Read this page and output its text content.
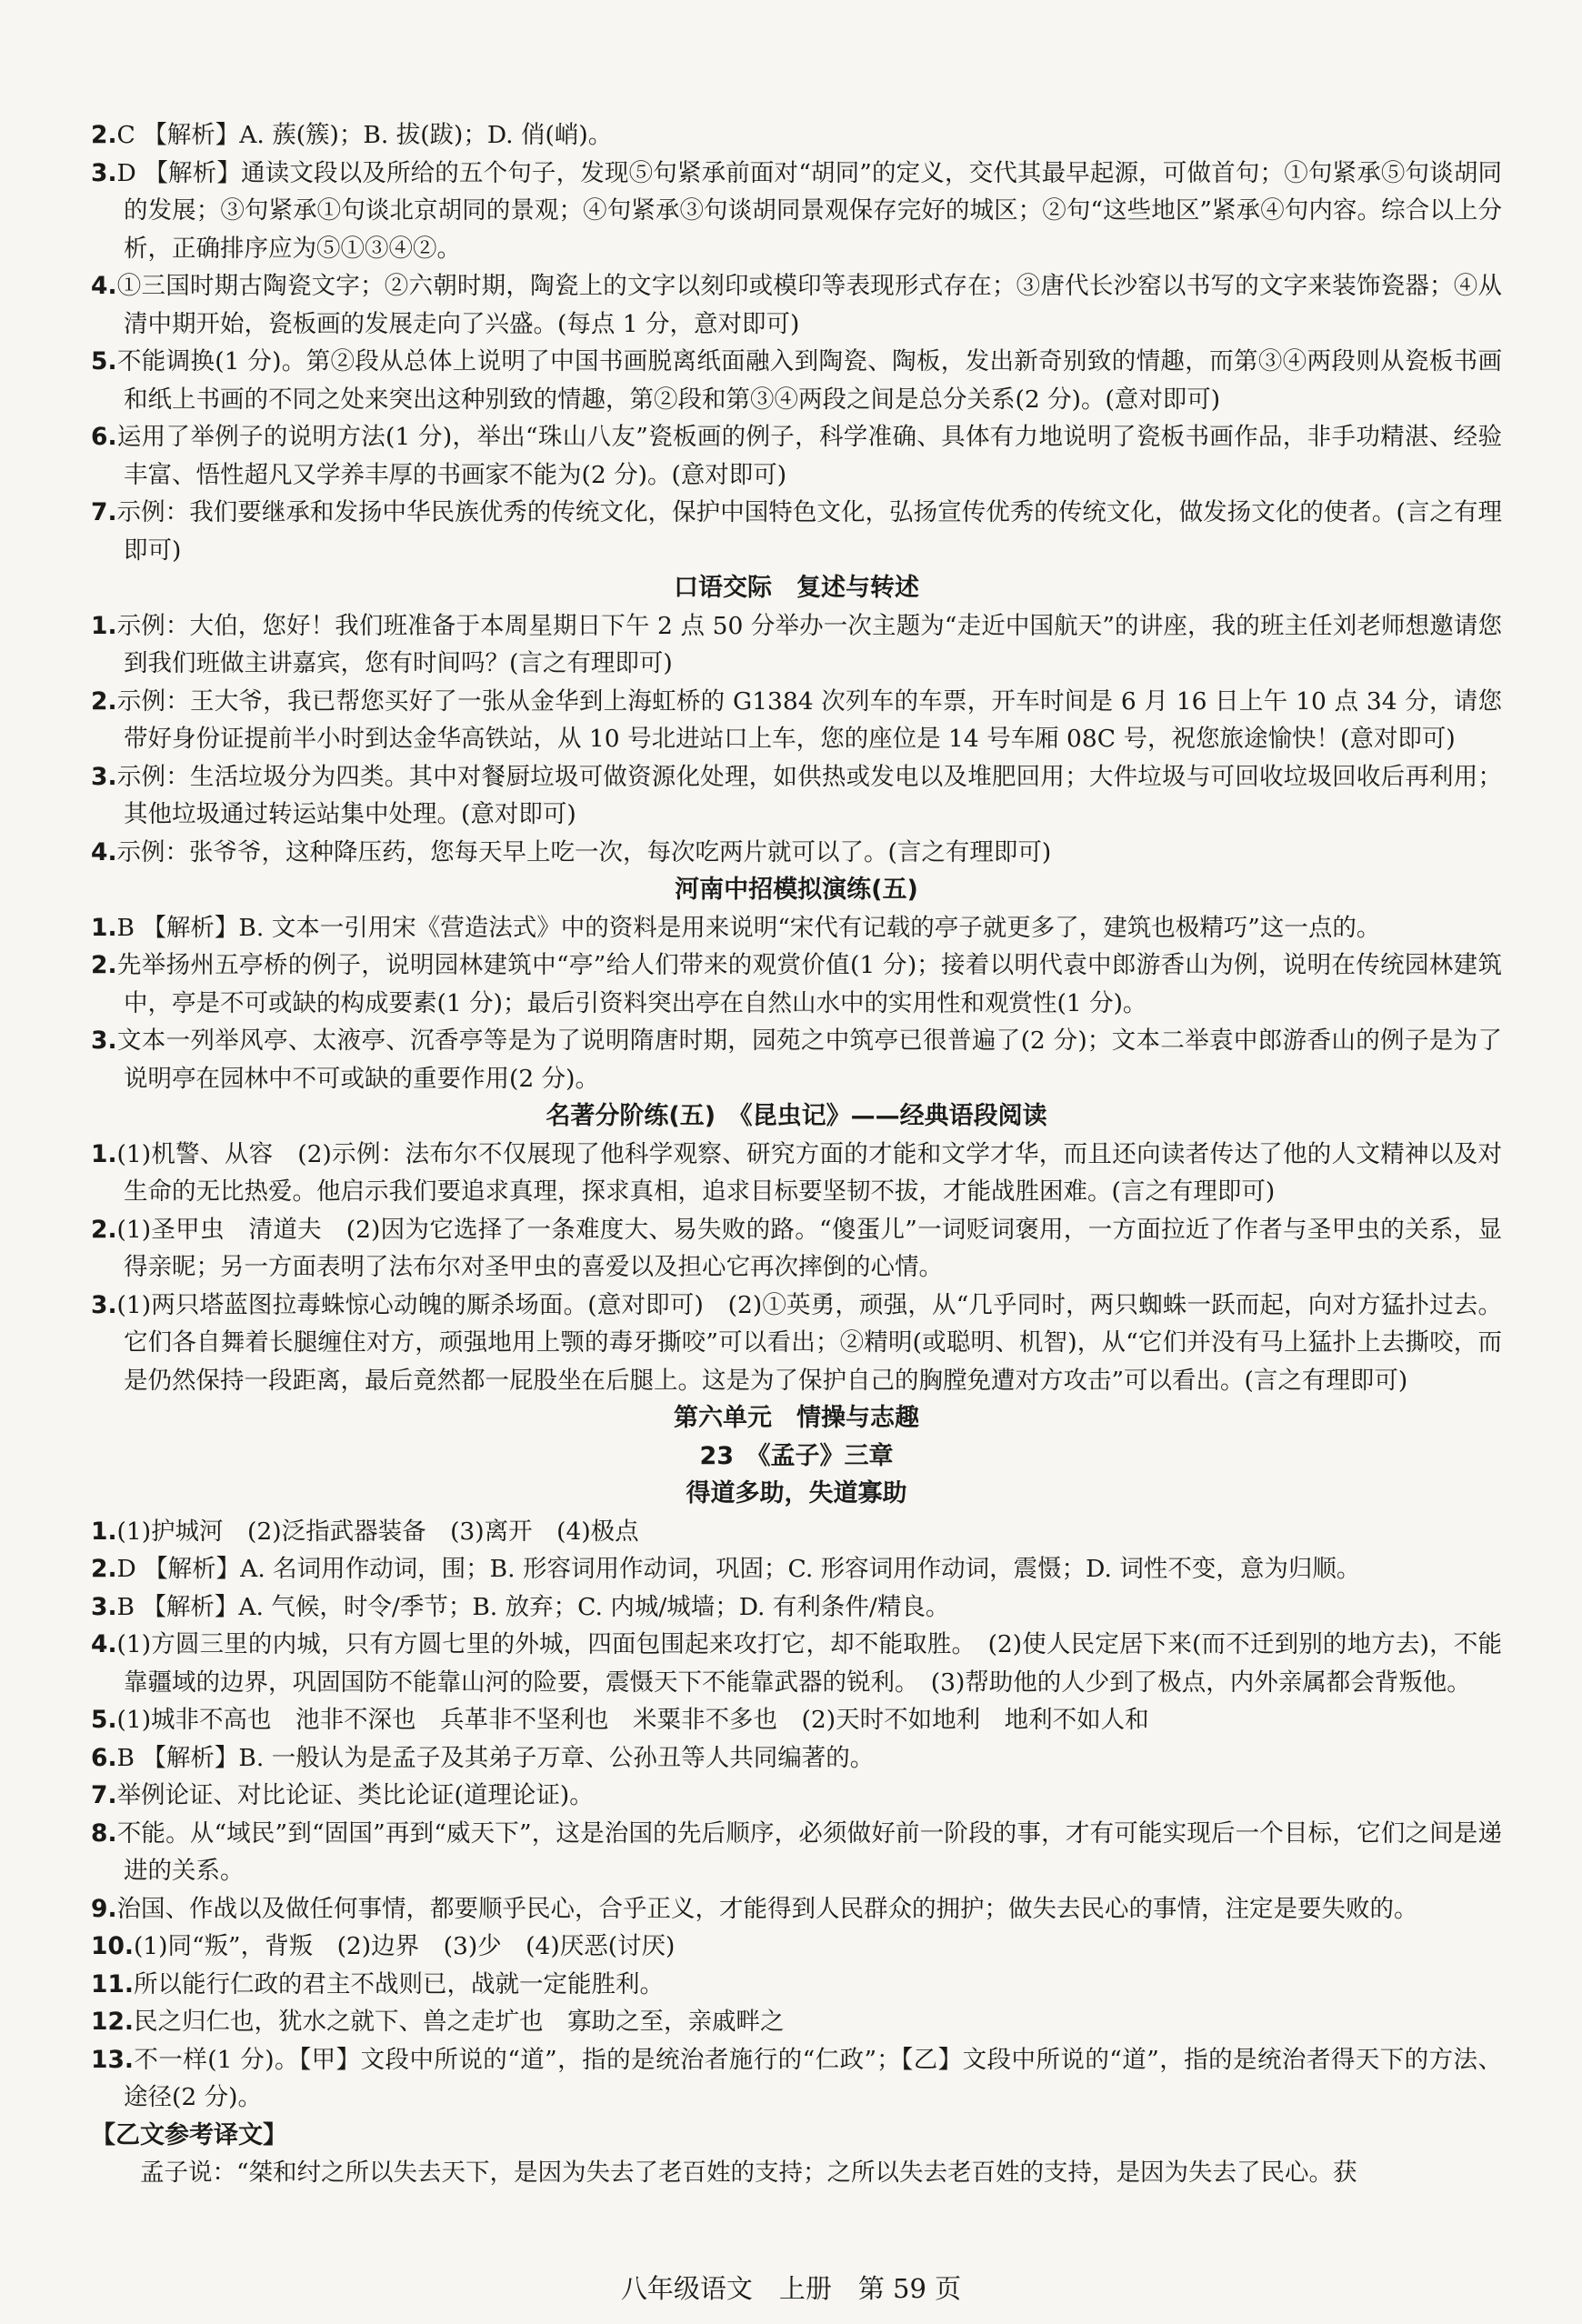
2.C 【解析】A. 蔟(簇)；B. 拔(跋)；D. 俏(峭)。
3.D 【解析】通读文段以及所给的五个句子，发现⑤句紧承前面对“胡同”的定义，交代其最早起源，可做首句；①句紧承⑤句谈胡同的发展；③句紧承①句谈北京胡同的景观；④句紧承③句谈胡同景观保存完好的城区；②句“这些地区”紧承④句内容。综合以上分析，正确排序应为⑤①③④②。
4.①三国时期古陶瓷文字；②六朝时期，陶瓷上的文字以刻印或模印等表现形式存在；③唐代长沙窑以书写的文字来装饰瓷器；④从清中期开始，瓷板画的发展走向了兴盛。(每点 1 分，意对即可)
5.不能调换(1 分)。第②段从总体上说明了中国书画脱离纸面融入到陶瓷、陶板，发出新奇别致的情趣，而第③④两段则从瓷板书画和纸上书画的不同之处来突出这种别致的情趣，第②段和第③④两段之间是总分关系(2 分)。(意对即可)
6.运用了举例子的说明方法(1 分)，举出“珠山八友”瓷板画的例子，科学准确、具体有力地说明了瓷板书画作品，非手功精湛、经验丰富、悟性超凡又学养丰厚的书画家不能为(2 分)。(意对即可)
7.示例：我们要继承和发扬中华民族优秀的传统文化，保护中国特色文化，弘扬宣传优秀的传统文化，做发扬文化的使者。(言之有理即可)
口语交际　复述与转述
1.示例：大伯，您好！我们班准备于本周星期日下午 2 点 50 分举办一次主题为“走近中国航天”的讲座，我的班主任刘老师想邀请您到我们班做主讲嘉宾，您有时间吗？(言之有理即可)
2.示例：王大爷，我已帮您买好了一张从金华到上海虹桥的 G1384 次列车的车票，开车时间是 6 月 16 日上午 10 点 34 分，请您带好身份证提前半小时到达金华高铁站，从 10 号北进站口上车，您的座位是 14 号车厢 08C 号，祝您旅途愉快！(意对即可)
3.示例：生活垃圾分为四类。其中对餐厨垃圾可做资源化处理，如供热或发电以及堆肥回用；大件垃圾与可回收垃圾回收后再利用；其他垃圾通过转运站集中处理。(意对即可)
4.示例：张爷爷，这种降压药，您每天早上吃一次，每次吃两片就可以了。(言之有理即可)
河南中招模拟演练(五)
1.B 【解析】B. 文本一引用宋《营造法式》中的资料是用来说明“宋代有记载的亭子就更多了，建筑也极精巧”这一点的。
2.先举扬州五亭桥的例子，说明园林建筑中“亭”给人们带来的观赏价值(1 分)；接着以明代袁中郎游香山为例，说明在传统园林建筑中，亭是不可或缺的构成要素(1 分)；最后引资料突出亭在自然山水中的实用性和观赏性(1 分)。
3.文本一列举风亭、太液亭、沉香亭等是为了说明隋唐时期，园苑之中筑亭已很普遍了(2 分)；文本二举袁中郎游香山的例子是为了说明亭在园林中不可或缺的重要作用(2 分)。
名著分阶练(五)　《昆虫记》——经典语段阅读
1.(1)机警、从容　(2)示例：法布尔不仅展现了他科学观察、研究方面的才能和文学才华，而且还向读者传达了他的人文精神以及对生命的无比热爱。他启示我们要追求真理，探求真相，追求目标要坚韧不拔，才能战胜困难。(言之有理即可)
2.(1)圣甲虫　清道夫　(2)因为它选择了一条难度大、易失败的路。“傻蛋儿”一词贬词褒用，一方面拉近了作者与圣甲虫的关系，显得亲昵；另一方面表明了法布尔对圣甲虫的喜爱以及担心它再次摔倒的心情。
3.(1)两只塔蓝图拉毒蛛惊心动魄的厮杀场面。(意对即可)　(2)①英勇，顽强，从“几乎同时，两只蜘蛛一跃而起，向对方猛扑过去。它们各自舞着长腿缠住对方，顽强地用上颚的毒牙撕咬”可以看出；②精明(或聪明、机智)，从“它们并没有马上猛扑上去撕咬，而是仍然保持一段距离，最后竟然都一屁股坐在后腿上。这是为了保护自己的胸膛免遭对方攻击”可以看出。(言之有理即可)
第六单元　情操与志趣
23　《孟子》三章
得道多助，失道寡助
1.(1)护城河　(2)泛指武器装备　(3)离开　(4)极点
2.D 【解析】A. 名词用作动词，围；B. 形容词用作动词，巩固；C. 形容词用作动词，震慑；D. 词性不变，意为归顺。
3.B 【解析】A. 气候，时令/季节；B. 放弃；C. 内城/城墙；D. 有利条件/精良。
4.(1)方圆三里的内城，只有方圆七里的外城，四面包围起来攻打它，却不能取胜。　(2)使人民定居下来(而不迁到别的地方去)，不能靠疆域的边界，巩固国防不能靠山河的险要，震慑天下不能靠武器的锐利。　(3)帮助他的人少到了极点，内外亲属都会背叛他。
5.(1)城非不高也　池非不深也　兵革非不坚利也　米粟非不多也　(2)天时不如地利　地利不如人和
6.B 【解析】B. 一般认为是孟子及其弟子万章、公孙丑等人共同编著的。
7.举例论证、对比论证、类比论证(道理论证)。
8.不能。从“域民”到“固国”再到“威天下”，这是治国的先后顺序，必须做好前一阶段的事，才有可能实现后一个目标，它们之间是递进的关系。
9.治国、作战以及做任何事情，都要顺乎民心，合乎正义，才能得到人民群众的拥护；做失去民心的事情，注定是要失败的。
10.(1)同“叛”，背叛　(2)边界　(3)少　(4)厌恶(讨厌)
11.所以能行仁政的君主不战则已，战就一定能胜利。
12.民之归仁也，犹水之就下、兽之走圹也　寡助之至，亲戚畔之
13.不一样(1 分)。【甲】文段中所说的“道”，指的是统治者施行的“仁政”；【乙】文段中所说的“道”，指的是统治者得天下的方法、途径(2 分)。
【乙文参考译文】
孟子说：“桀和纣之所以失去天下，是因为失去了老百姓的支持；之所以失去老百姓的支持，是因为失去了民心。获
八年级语文　上册　第 59 页
